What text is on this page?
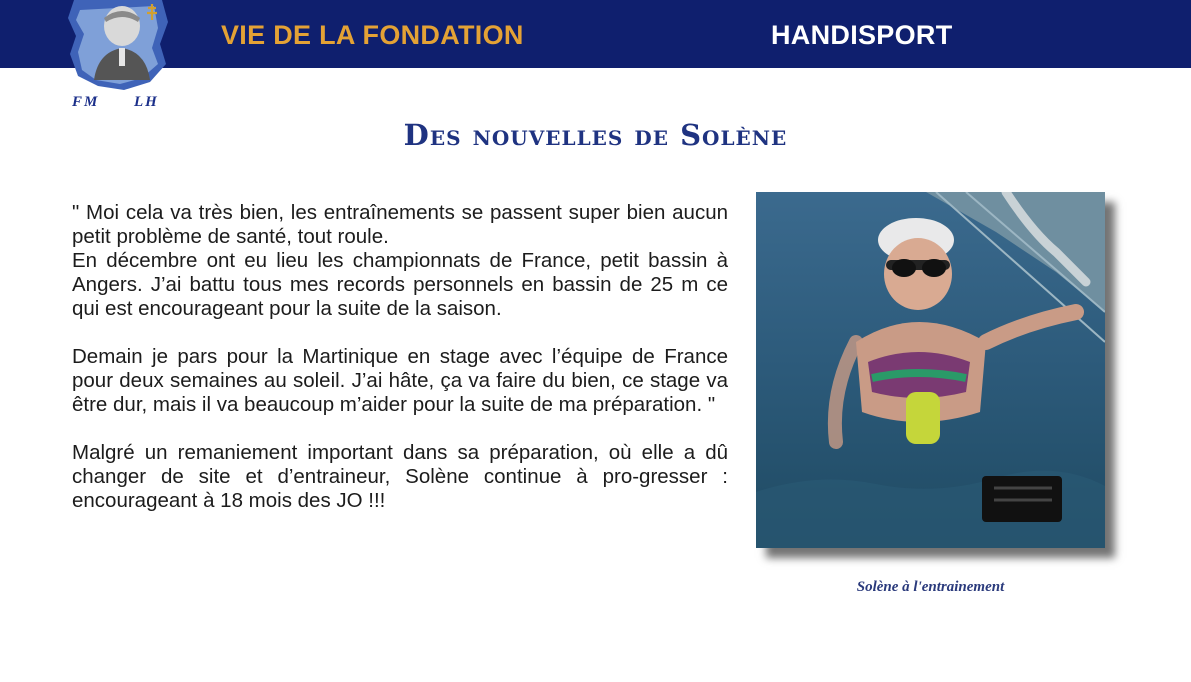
VIE DE LA FONDATION	HANDISPORT
FM LH
Des nouvelles de Solène

" Moi cela va très bien, les entraînements se passent super bien aucun petit problème de santé, tout roule.

En décembre ont eu lieu les championnats de France, petit bassin à Angers. J’ai battu tous mes records personnels en bassin de 25 m ce qui est encourageant pour la suite de la saison.

Demain je pars pour la Martinique en stage avec l’équipe de France pour deux semaines au soleil. J’ai hâte, ça va faire du bien, ce stage va être dur, mais il va beaucoup m’aider pour la suite de ma préparation. "

Malgré un remaniement important dans sa préparation, où elle a dû changer de site et d’entraineur, Solène continue à pro-gresser : encourageant à 18 mois des JO !!!

Solène à l'entrainement
